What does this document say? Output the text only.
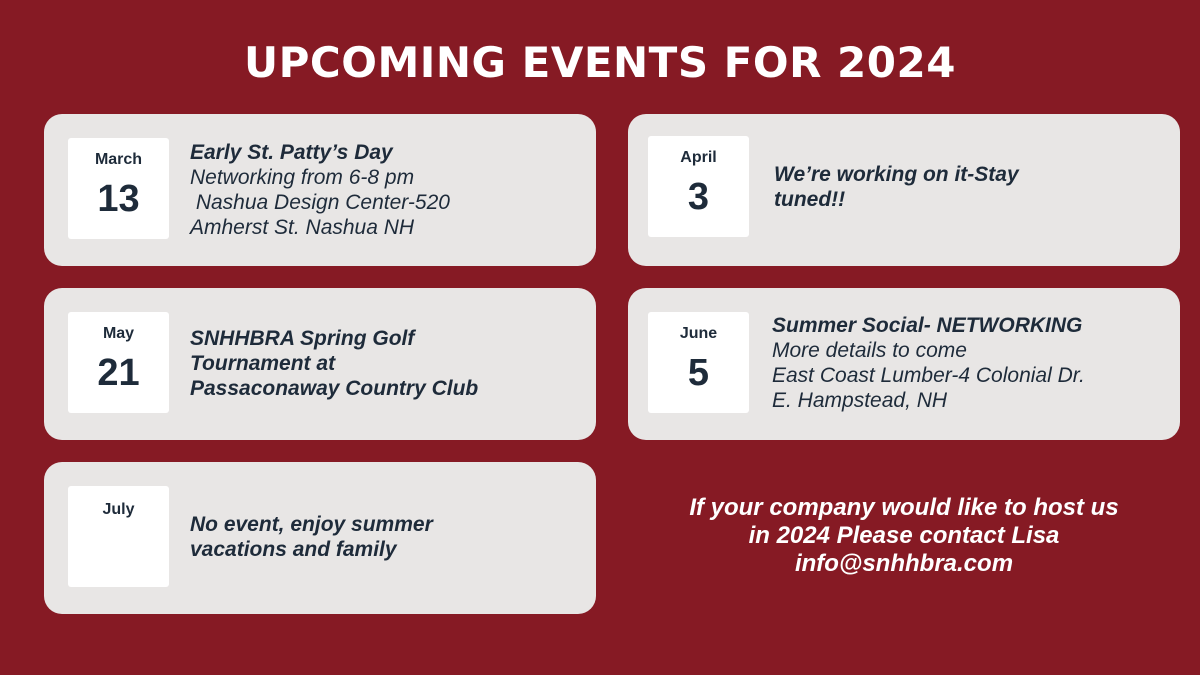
UPCOMING EVENTS FOR 2024
March
13
Early St. Patty’s Day
Networking from 6-8 pm
Nashua Design Center-520
Amherst St. Nashua NH
April
3
We’re working on it-Stay
tuned!!
May
21
SNHHBRA Spring Golf
Tournament at
Passaconaway Country Club
June
5
Summer Social- NETWORKING
More details to come
East Coast Lumber-4 Colonial Dr.
E. Hampstead, NH
July
No event, enjoy summer
vacations and family
If your company would like to host us
in 2024 Please contact Lisa
info@snhhbra.com
